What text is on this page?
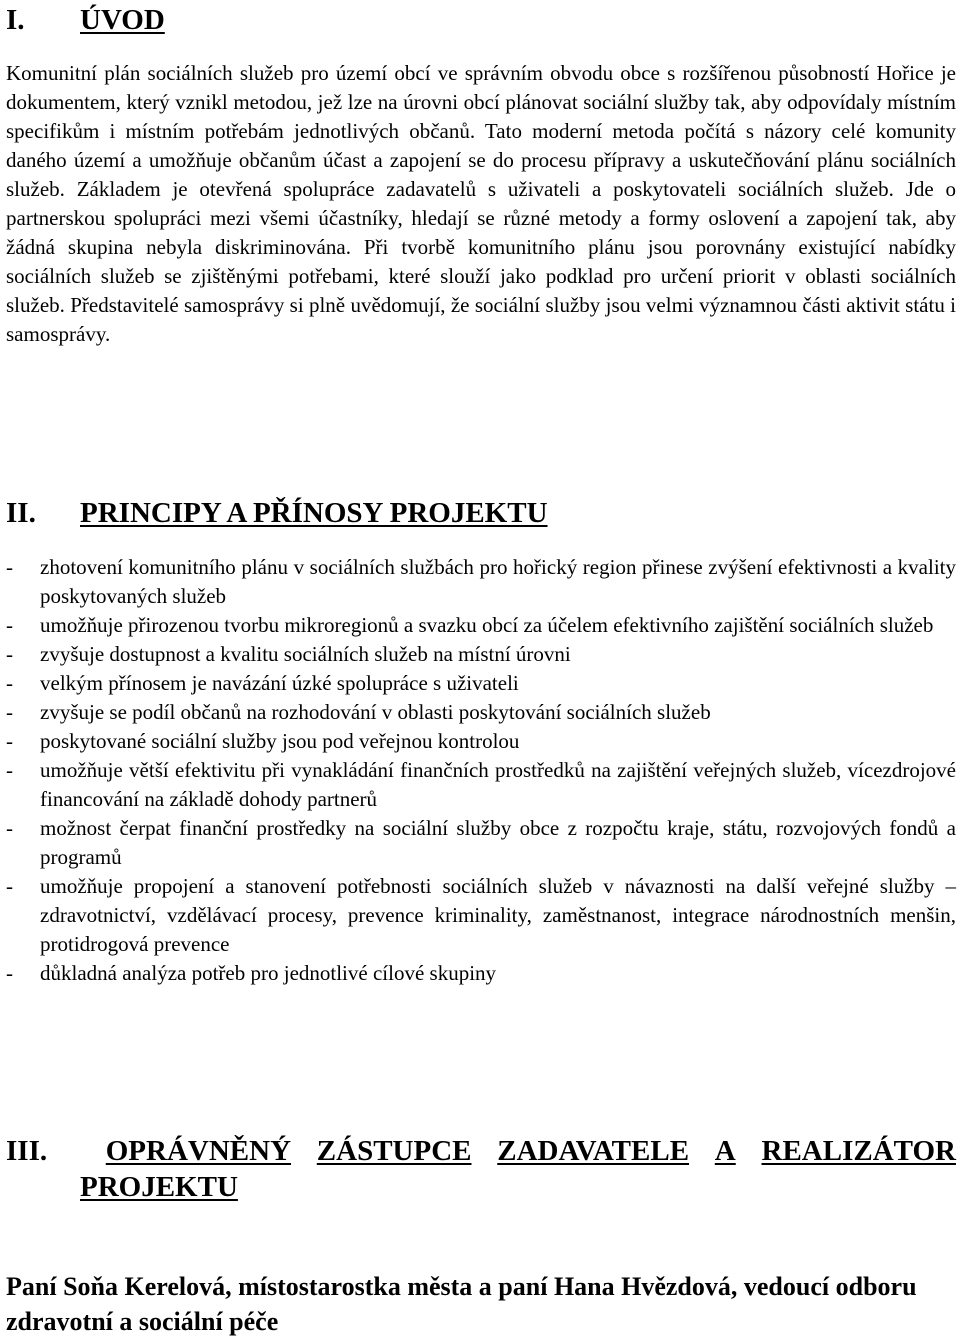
I. ÚVOD

Komunitní plán sociálních služeb pro území obcí ve správním obvodu obce s rozšířenou působností Hořice je dokumentem, který vznikl metodou, jež lze na úrovni obcí plánovat sociální služby tak, aby odpovídaly místním specifikům i místním potřebám jednotlivých občanů. Tato moderní metoda počítá s názory celé komunity daného území a umožňuje občanům účast a zapojení se do procesu přípravy a uskutečňování plánu sociálních služeb. Základem je otevřená spolupráce zadavatelů s uživateli a poskytovateli sociálních služeb. Jde o partnerskou spolupráci mezi všemi účastníky, hledají se různé metody a formy oslovení a zapojení tak, aby žádná skupina nebyla diskriminována. Při tvorbě komunitního plánu jsou porovnány existující nabídky sociálních služeb se zjištěnými potřebami, které slouží jako podklad pro určení priorit v oblasti sociálních služeb. Představitelé samosprávy si plně uvědomují, že sociální služby jsou velmi významnou části aktivit státu i samosprávy.

II. PRINCIPY A PŘÍNOSY PROJEKTU
- zhotovení komunitního plánu v sociálních službách pro hořický region přinese zvýšení efektivnosti a kvality poskytovaných služeb
- umožňuje přirozenou tvorbu mikroregionů a svazku obcí za účelem efektivního zajištění sociálních služeb
- zvyšuje dostupnost a kvalitu sociálních služeb na místní úrovni
- velkým přínosem je navázání úzké spolupráce s uživateli
- zvyšuje se podíl občanů na rozhodování v oblasti poskytování sociálních služeb
- poskytované sociální služby jsou pod veřejnou kontrolou
- umožňuje větší efektivitu při vynakládání finančních prostředků na zajištění veřejných služeb, vícezdrojové financování na základě dohody partnerů
- možnost čerpat finanční prostředky na sociální služby obce z rozpočtu kraje, státu, rozvojových fondů a programů
- umožňuje propojení a stanovení potřebnosti sociálních služeb v návaznosti na další veřejné služby – zdravotnictví, vzdělávací procesy, prevence kriminality, zaměstnanost, integrace národnostních menšin, protidrogová prevence
- důkladná analýza potřeb pro jednotlivé cílové skupiny
III.	OPRÁVNĚNÝ ZÁSTUPCE ZADAVATELE A REALIZÁTOR
PROJEKTU

Paní Soňa Kerelová, místostarostka města a paní Hana Hvězdová, vedoucí odboru zdravotní a sociální péče
